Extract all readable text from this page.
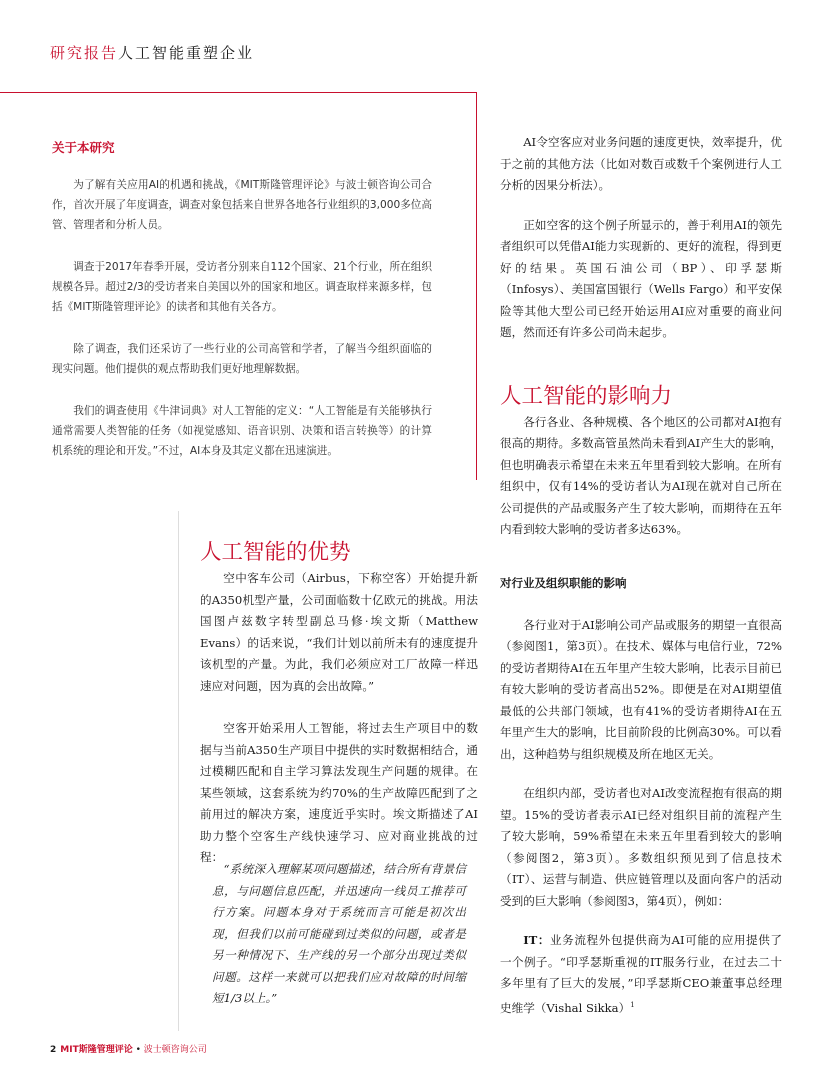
研究报告人工智能重塑企业
关于本研究

为了解有关应用AI的机遇和挑战，《MIT斯隆管理评论》与波士顿咨询公司合作，首次开展了年度调查，调查对象包括来自世界各地各行业组织的3,000多位高管、管理者和分析人员。

调查于2017年春季开展，受访者分别来自112个国家、21个行业，所在组织规模各异。超过2/3的受访者来自美国以外的国家和地区。调查取样来源多样，包括《MIT斯隆管理评论》的读者和其他有关各方。

除了调查，我们还采访了一些行业的公司高管和学者，了解当今组织面临的现实问题。他们提供的观点帮助我们更好地理解数据。

我们的调查使用《牛津词典》对人工智能的定义：“人工智能是有关能够执行通常需要人类智能的任务（如视觉感知、语音识别、决策和语言转换等）的计算机系统的理论和开发。”不过，AI本身及其定义都在迅速演进。

人工智能的优势

空中客车公司（Airbus，下称空客）开始提升新的A350机型产量，公司面临数十亿欧元的挑战。用法国图卢兹数字转型副总马修·埃文斯（Matthew Evans）的话来说，“我们计划以前所未有的速度提升该机型的产量。为此，我们必须应对工厂故障一样迅速应对问题，因为真的会出故障。”

空客开始采用人工智能，将过去生产项目中的数据与当前A350生产项目中提供的实时数据相结合，通过模糊匹配和自主学习算法发现生产问题的规律。在某些领域，这套系统为约70%的生产故障匹配到了之前用过的解决方案，速度近乎实时。埃文斯描述了AI助力整个空客生产线快速学习、应对商业挑战的过程：

“系统深入理解某项问题描述，结合所有背景信息，与问题信息匹配，并迅速向一线员工推荐可行方案。问题本身对于系统而言可能是初次出现，但我们以前可能碰到过类似的问题，或者是另一种情况下、生产线的另一个部分出现过类似问题。这样一来就可以把我们应对故障的时间缩短1/3以上。”

AI令空客应对业务问题的速度更快，效率提升，优于之前的其他方法（比如对数百或数千个案例进行人工分析的因果分析法）。

正如空客的这个例子所显示的，善于利用AI的领先者组织可以凭借AI能力实现新的、更好的流程，得到更好的结果。英国石油公司（BP）、印孚瑟斯（Infosys）、美国富国银行（Wells Fargo）和平安保险等其他大型公司已经开始运用AI应对重要的商业问题，然而还有许多公司尚未起步。

人工智能的影响力

各行各业、各种规模、各个地区的公司都对AI抱有很高的期待。多数高管虽然尚未看到AI产生大的影响，但也明确表示希望在未来五年里看到较大影响。在所有组织中，仅有14%的受访者认为AI现在就对自己所在公司提供的产品或服务产生了较大影响，而期待在五年内看到较大影响的受访者多达63%。

对行业及组织职能的影响

各行业对于AI影响公司产品或服务的期望一直很高（参阅图1，第3页）。在技术、媒体与电信行业，72%的受访者期待AI在五年里产生较大影响，比表示目前已有较大影响的受访者高出52%。即便是在对AI期望值最低的公共部门领域，也有41%的受访者期待AI在五年里产生大的影响，比目前阶段的比例高30%。可以看出，这种趋势与组织规模及所在地区无关。

在组织内部，受访者也对AI改变流程抱有很高的期望。15%的受访者表示AI已经对组织目前的流程产生了较大影响，59%希望在未来五年里看到较大的影响（参阅图2，第3页）。多数组织预见到了信息技术（IT）、运营与制造、供应链管理以及面向客户的活动受到的巨大影响（参阅图3，第4页），例如：

IT：业务流程外包提供商为AI可能的应用提供了一个例子。“印孚瑟斯重视的IT服务行业，在过去二十多年里有了巨大的发展，”印孚瑟斯CEO兼董事总经理史维学（Vishal Sikka）$^1$

2 MIT斯隆管理评论 • 波士顿咨询公司
